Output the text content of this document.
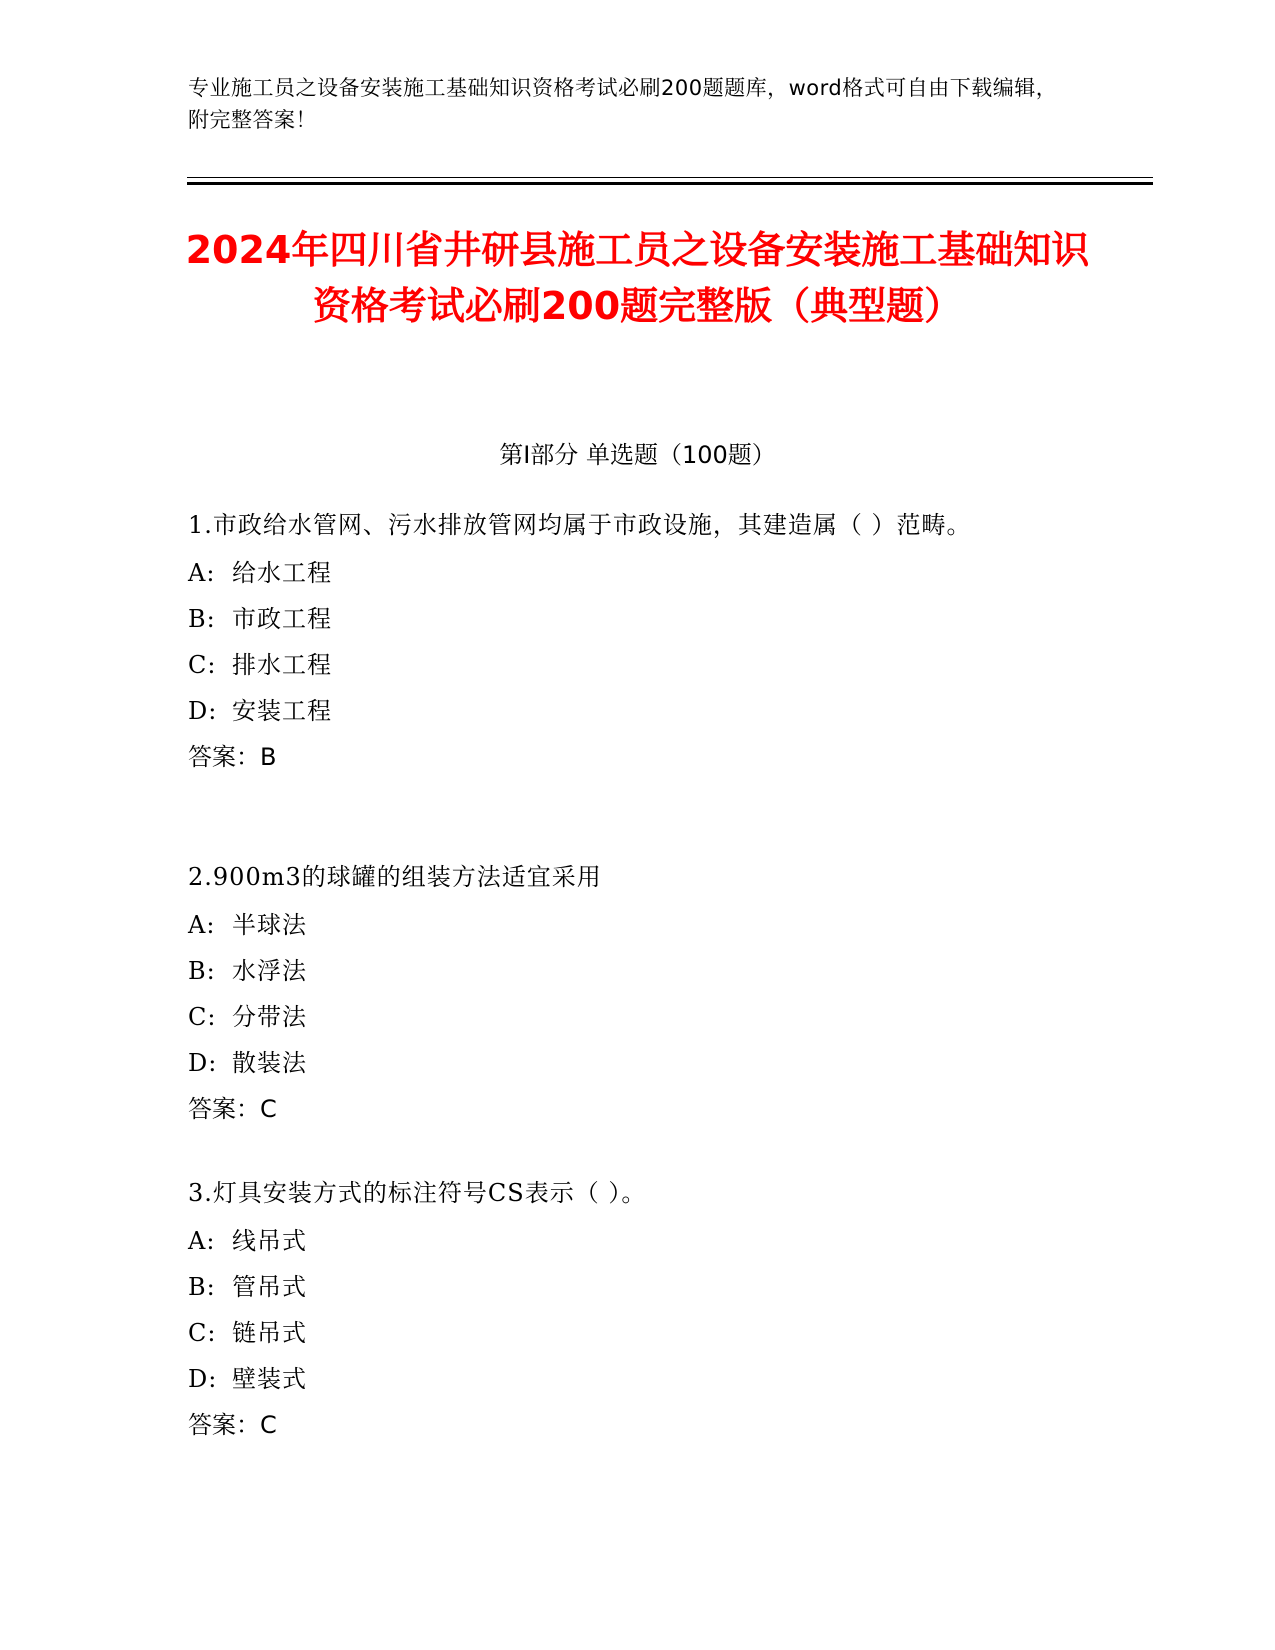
专业施工员之设备安装施工基础知识资格考试必刷200题题库，word格式可自由下载编辑，附完整答案！
2024年四川省井研县施工员之设备安装施工基础知识资格考试必刷200题完整版（典型题）
第I部分 单选题（100题）
1.市政给水管网、污水排放管网均属于市政设施，其建造属（ ）范畴。
A: 给水工程
B: 市政工程
C: 排水工程
D: 安装工程
答案：B
2.900m3的球罐的组装方法适宜采用
A: 半球法
B: 水浮法
C: 分带法
D: 散装法
答案：C
3.灯具安装方式的标注符号CS表示（ ）。
A: 线吊式
B: 管吊式
C: 链吊式
D: 壁装式
答案：C
